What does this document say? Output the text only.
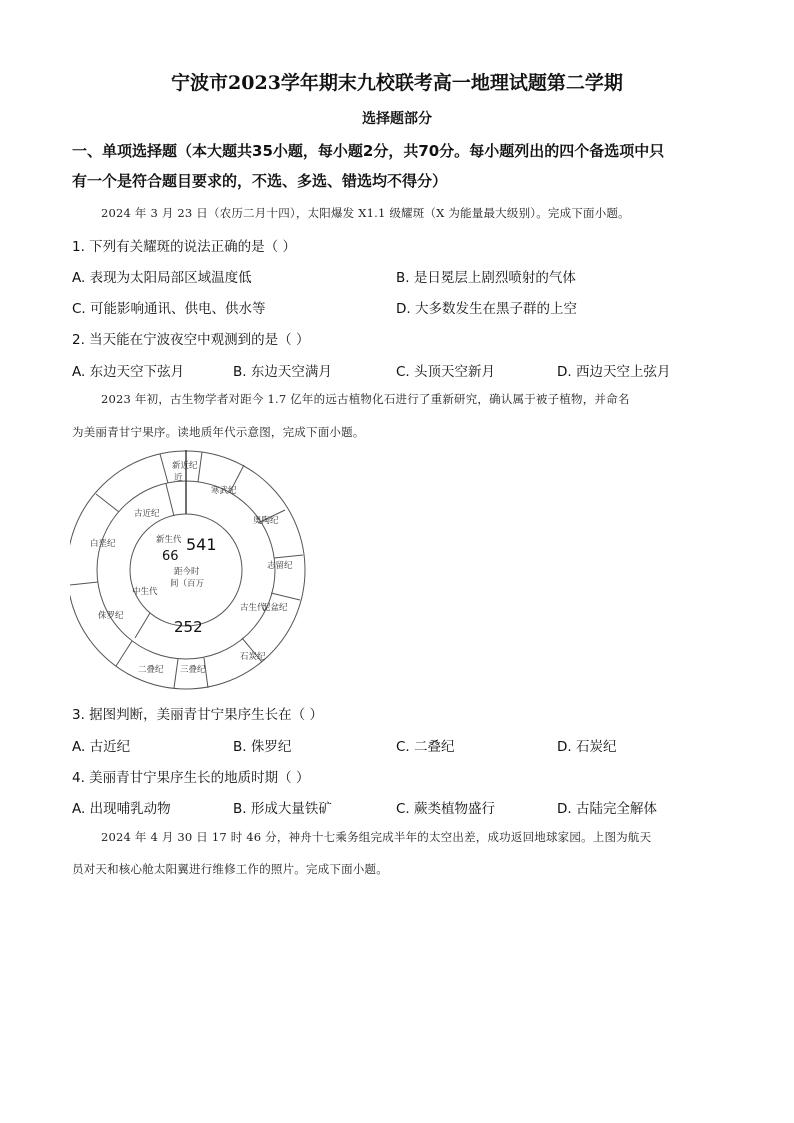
宁波市2023学年期末九校联考高一地理试题第二学期
选择题部分
一、单项选择题（本大题共35小题，每小题2分，共70分。每小题列出的四个备选项中只
有一个是符合题目要求的，不选、多选、错选均不得分）
2024 年 3 月 23 日（农历二月十四），太阳爆发 X1.1 级耀斑（X 为能量最大级别）。完成下面小题。
1. 下列有关耀斑的说法正确的是（ ）
A. 表现为太阳局部区域温度低	B. 是日冕层上剧烈喷射的气体
C. 可能影响通讯、供电、供水等	D. 大多数发生在黑子群的上空
2. 当天能在宁波夜空中观测到的是（ ）
A. 东边天空下弦月	B. 东边天空满月	C. 头顶天空新月	D. 西边天空上弦月
2023 年初，古生物学者对距今 1.7 亿年的远古植物化石进行了重新研究，确认属于被子植物，并命名
为美丽青甘宁果序。读地质年代示意图，完成下面小题。
新近纪
近
寒武纪
奥陶纪
志留纪
泥盆纪
石炭纪
二叠纪 三叠纪
侏罗纪
白垩纪
古近纪
新生代
中生代
古生代
距今时
间（百万
541
66
252
3. 据图判断，美丽青甘宁果序生长在（ ）
A. 古近纪	B. 侏罗纪	C. 二叠纪	D. 石炭纪
4. 美丽青甘宁果序生长的地质时期（ ）
A. 出现哺乳动物	B. 形成大量铁矿	C. 蕨类植物盛行	D. 古陆完全解体
2024 年 4 月 30 日 17 时 46 分，神舟十七乘务组完成半年的太空出差，成功返回地球家园。上图为航天
员对天和核心舱太阳翼进行维修工作的照片。完成下面小题。
